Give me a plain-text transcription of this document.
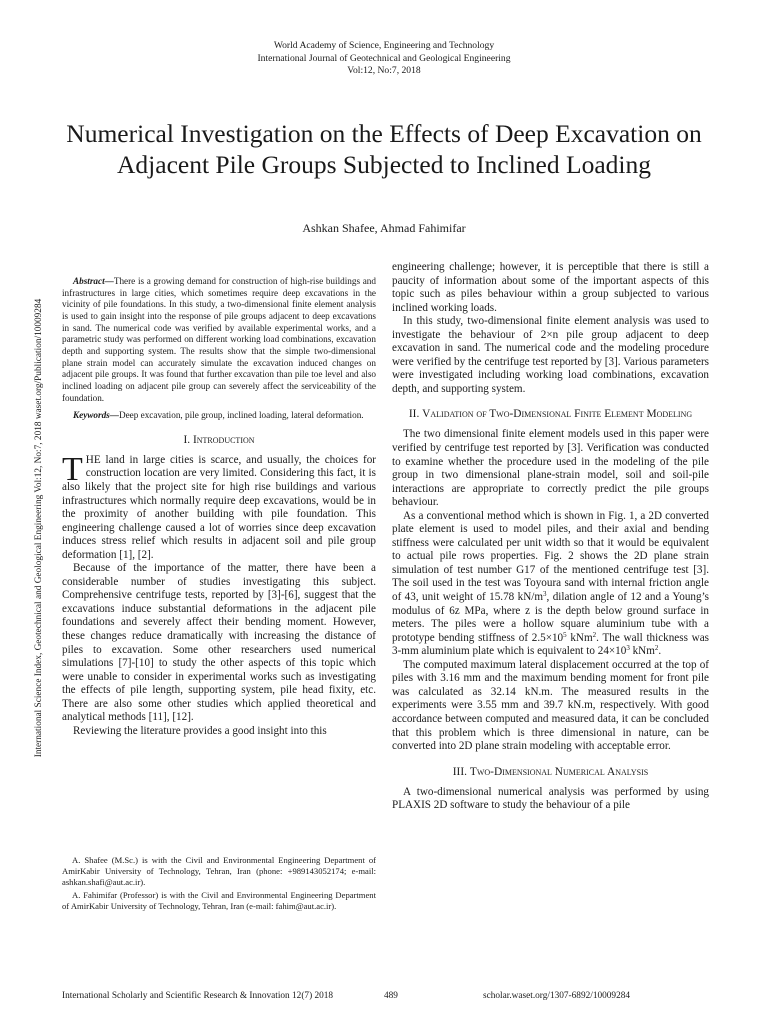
World Academy of Science, Engineering and Technology
International Journal of Geotechnical and Geological Engineering
Vol:12, No:7, 2018
Numerical Investigation on the Effects of Deep Excavation on Adjacent Pile Groups Subjected to Inclined Loading
Ashkan Shafee, Ahmad Fahimifar
International Science Index, Geotechnical and Geological Engineering Vol:12, No:7, 2018 waset.org/Publication/10009284

Abstract—There is a growing demand for construction of high-rise buildings and infrastructures in large cities, which sometimes require deep excavations in the vicinity of pile foundations. In this study, a two-dimensional finite element analysis is used to gain insight into the response of pile groups adjacent to deep excavations in sand. The numerical code was verified by available experimental works, and a parametric study was performed on different working load combinations, excavation depth and supporting system. The results show that the simple two-dimensional plane strain model can accurately simulate the excavation induced changes on adjacent pile groups. It was found that further excavation than pile toe level and also inclined loading on adjacent pile group can severely affect the serviceability of the foundation.

Keywords—Deep excavation, pile group, inclined loading, lateral deformation.

I. Introduction

THE land in large cities is scarce, and usually, the choices for construction location are very limited. Considering this fact, it is also likely that the project site for high rise buildings and various infrastructures which normally require deep excavations, would be in the proximity of another building with pile foundation. This engineering challenge caused a lot of worries since deep excavation induces stress relief which results in adjacent soil and pile group deformation [1], [2].

Because of the importance of the matter, there have been a considerable number of studies investigating this subject. Comprehensive centrifuge tests, reported by [3]-[6], suggest that the excavations induce substantial deformations in the adjacent pile foundations and severely affect their bending moment. However, these changes reduce dramatically with increasing the distance of piles to excavation. Some other researchers used numerical simulations [7]-[10] to study the other aspects of this topic which were unable to consider in experimental works such as investigating the effects of pile length, supporting system, pile head fixity, etc. There are also some other studies which applied theoretical and analytical methods [11], [12].

Reviewing the literature provides a good insight into this

A. Shafee (M.Sc.) is with the Civil and Environmental Engineering Department of AmirKabir University of Technology, Tehran, Iran (phone: +989143052174; e-mail: ashkan.shafi@aut.ac.ir).

A. Fahimifar (Professor) is with the Civil and Environmental Engineering Department of AmirKabir University of Technology, Tehran, Iran (e-mail: fahim@aut.ac.ir).

engineering challenge; however, it is perceptible that there is still a paucity of information about some of the important aspects of this topic such as piles behaviour within a group subjected to various inclined working loads.

In this study, two-dimensional finite element analysis was used to investigate the behaviour of 2×n pile group adjacent to deep excavation in sand. The numerical code and the modeling procedure were verified by the centrifuge test reported by [3]. Various parameters were investigated including working load combinations, excavation depth, and supporting system.

II. Validation of Two-Dimensional Finite Element Modeling

The two dimensional finite element models used in this paper were verified by centrifuge test reported by [3]. Verification was conducted to examine whether the procedure used in the modeling of the pile group in two dimensional plane-strain model, soil and soil-pile interactions are appropriate to correctly predict the pile groups behaviour.

As a conventional method which is shown in Fig. 1, a 2D converted plate element is used to model piles, and their axial and bending stiffness were calculated per unit width so that it would be equivalent to actual pile rows properties. Fig. 2 shows the 2D plane strain simulation of test number G17 of the mentioned centrifuge test [3]. The soil used in the test was Toyoura sand with internal friction angle of 43, unit weight of 15.78 $kN/m^3$, dilation angle of 12 and a Young’s modulus of 6z MPa, where z is the depth below ground surface in meters. The piles were a hollow square aluminium tube with a prototype bending stiffness of $2.5\times 10^5$ kNm$^2$. The wall thickness was 3-mm aluminium plate which is equivalent to $24\times 10^3$ kNm$^2$.

The computed maximum lateral displacement occurred at the top of piles with 3.16 mm and the maximum bending moment for front pile was calculated as 32.14 kN.m. The measured results in the experiments were 3.55 mm and 39.7 kN.m, respectively. With good accordance between computed and measured data, it can be concluded that this problem which is three dimensional in nature, can be converted into 2D plane strain modeling with acceptable error.

III. Two-Dimensional Numerical Analysis

A two-dimensional numerical analysis was performed by using PLAXIS 2D software to study the behaviour of a pile

International Scholarly and Scientific Research & Innovation 12(7) 2018	489	scholar.waset.org/1307-6892/10009284
